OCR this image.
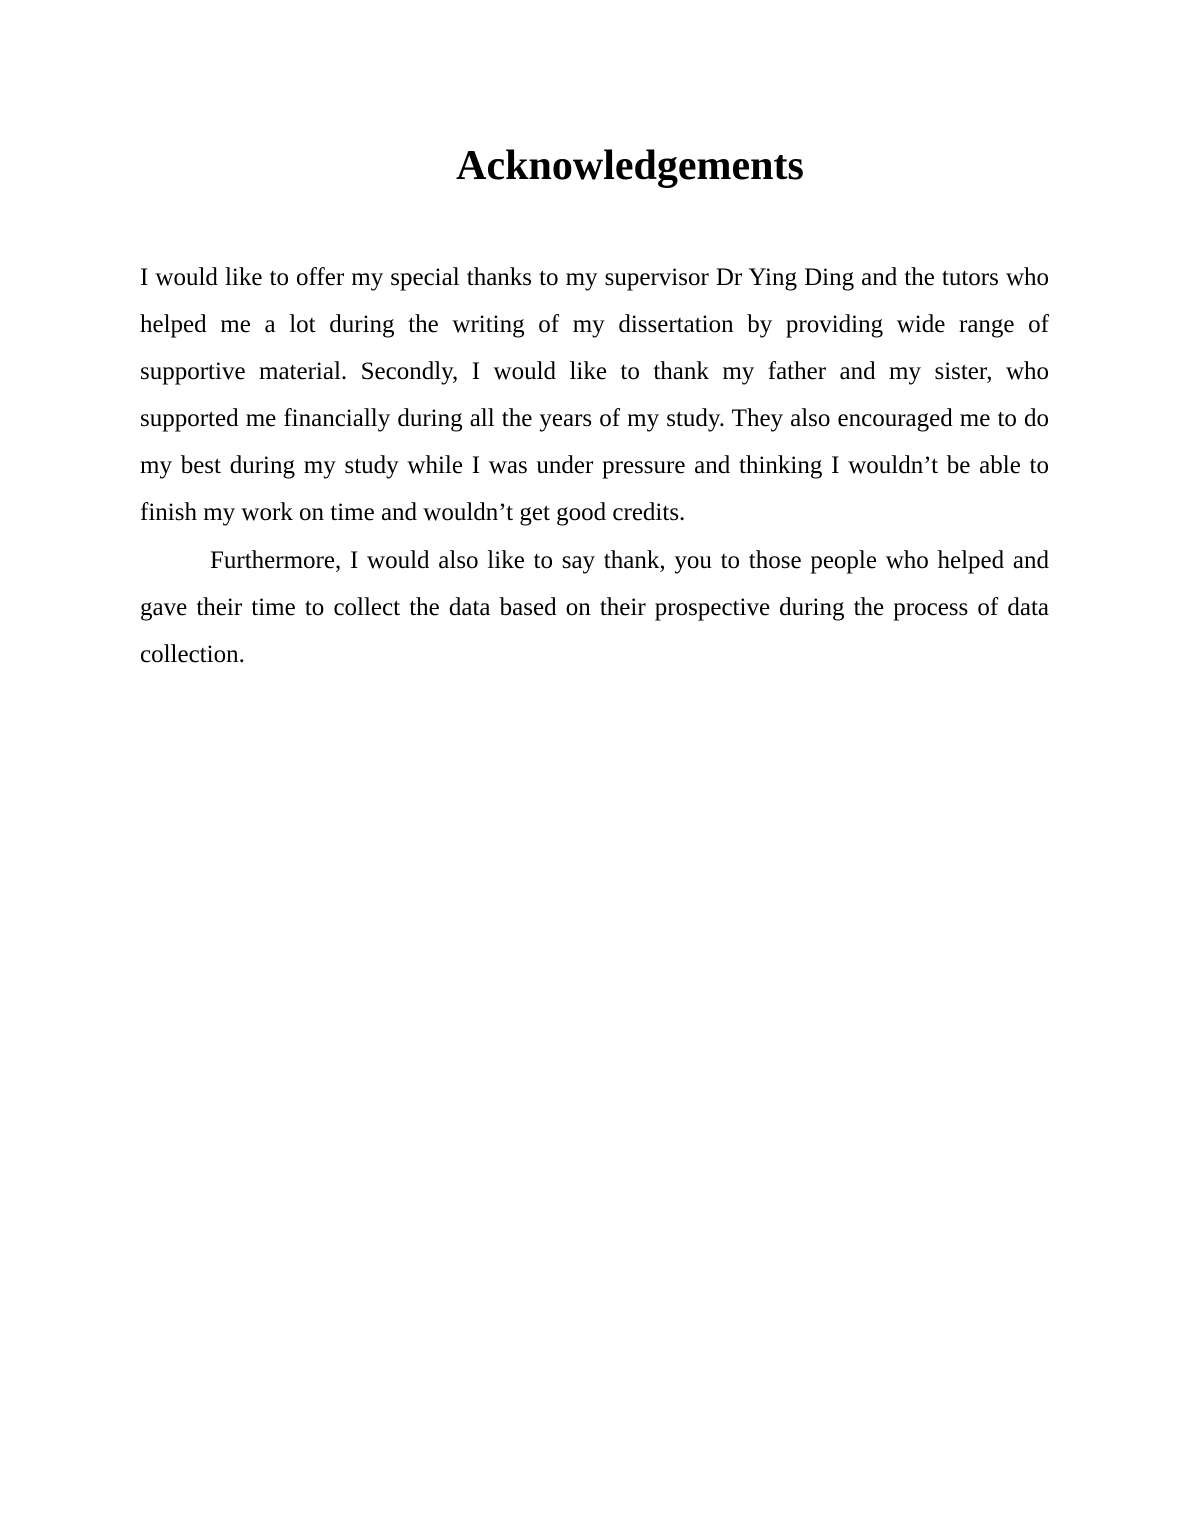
Acknowledgements

I would like to offer my special thanks to my supervisor Dr Ying Ding and the tutors who helped me a lot during the writing of my dissertation by providing wide range of supportive material. Secondly, I would like to thank my father and my sister, who supported me financially during all the years of my study. They also encouraged me to do my best during my study while I was under pressure and thinking I wouldn’t be able to finish my work on time and wouldn’t get good credits.

Furthermore, I would also like to say thank, you to those people who helped and gave their time to collect the data based on their prospective during the process of data collection.
